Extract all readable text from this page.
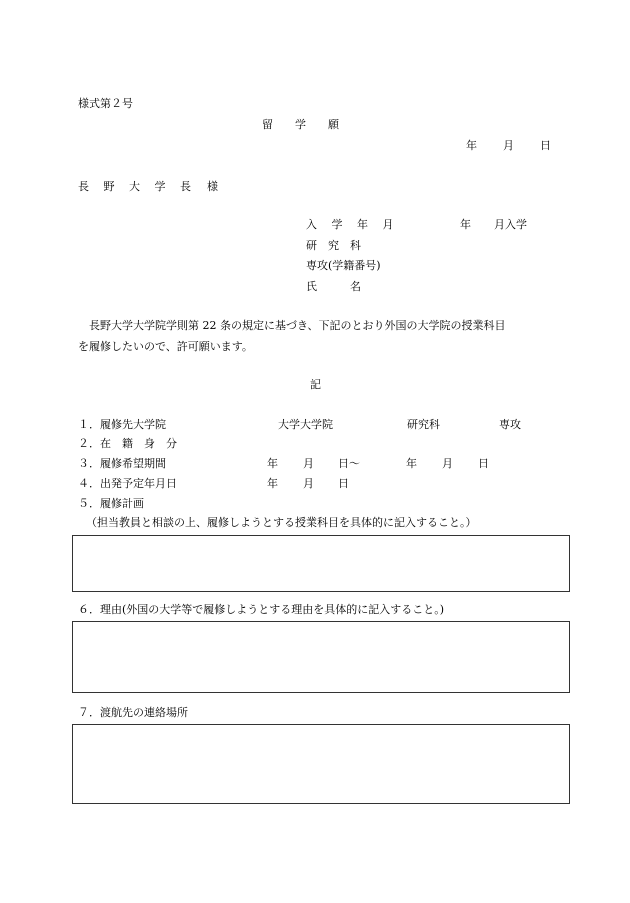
様式第２号
留　　学　　願
年 月 日
長 野 大 学 長 様
入 学 年 月	年 月入学
研　究　科
専攻(学籍番号)
氏　　　名
長野大学大学院学則第 22 条の規定に基づき、下記のとおり外国の大学院の授業科目
を履修したいので、許可願います。
記
１．履修先大学院	大学大学院	研究科	専攻
２．在　籍　身　分
３．履修希望期間	年 月 日〜	年 月 日
４．出発予定年月日	年 月 日
５．履修計画
（担当教員と相談の上、履修しようとする授業科目を具体的に記入すること。）
６．理由(外国の大学等で履修しようとする理由を具体的に記入すること。)
７．渡航先の連絡場所
